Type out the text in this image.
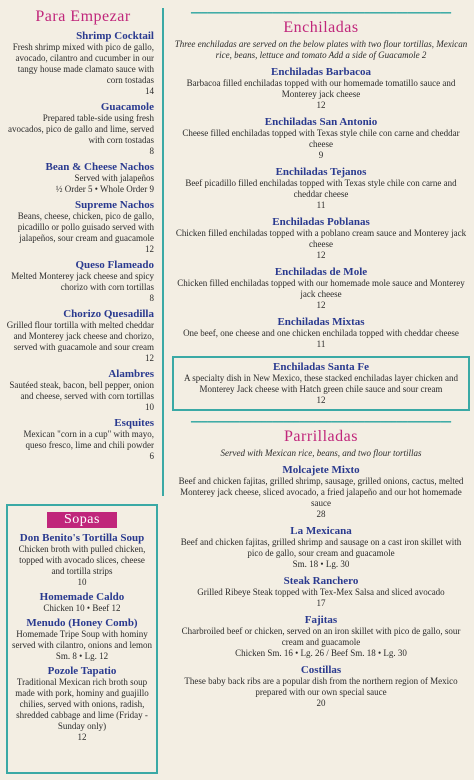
Para Empezar
Shrimp Cocktail
Fresh shrimp mixed with pico de gallo, avocado, cilantro and cucumber in our tangy house made clamato sauce with corn tostadas
14
Guacamole
Prepared table-side using fresh avocados, pico de gallo and lime, served with corn tostadas
8
Bean & Cheese Nachos
Served with jalapeños
½ Order 5 • Whole Order 9
Supreme Nachos
Beans, cheese, chicken, pico de gallo, picadillo or pollo guisado served with jalapeños, sour cream and guacamole
12
Queso Flameado
Melted Monterey jack cheese and spicy chorizo with corn tortillas
8
Chorizo Quesadilla
Grilled flour tortilla with melted cheddar and Monterey jack cheese and chorizo, served with guacamole and sour cream
12
Alambres
Sautéed steak, bacon, bell pepper, onion and cheese, served with corn tortillas
10
Esquites
Mexican "corn in a cup" with mayo, queso fresco, lime and chili powder
6
Sopas
Don Benito's Tortilla Soup
Chicken broth with pulled chicken, topped with avocado slices, cheese and tortilla strips
10
Homemade Caldo
Chicken 10 • Beef 12
Menudo (Honey Comb)
Homemade Tripe Soup with hominy served with cilantro, onions and lemon
Sm. 8 • Lg. 12
Pozole Tapatio
Traditional Mexican rich broth soup made with pork, hominy and guajillo chilies, served with onions, radish, shredded cabbage and lime (Friday - Sunday only)
12
━━━━━━━━━━━━━━━━━━━━━━━━━━━━━━━━━━━━━━━━━━━━━━━━
Enchiladas
Three enchiladas are served on the below plates with two flour tortillas, Mexican rice, beans, lettuce and tomato Add a side of Guacamole 2
Enchiladas Barbacoa
Barbacoa filled enchiladas topped with our homemade tomatillo sauce and Monterey jack cheese
12
Enchiladas San Antonio
Cheese filled enchiladas topped with Texas style chile con carne and cheddar cheese
9
Enchiladas Tejanos
Beef picadillo filled enchiladas topped with Texas style chile con carne and cheddar cheese
11
Enchiladas Poblanas
Chicken filled enchiladas topped with a poblano cream sauce and Monterey jack cheese
12
Enchiladas de Mole
Chicken filled enchiladas topped with our homemade mole sauce and Monterey jack cheese
12
Enchiladas Mixtas
One beef, one cheese and one chicken enchilada topped with cheddar cheese
11
Enchiladas Santa Fe
A specialty dish in New Mexico, these stacked enchiladas layer chicken and Monterey Jack cheese with Hatch green chile sauce and sour cream
12
━━━━━━━━━━━━━━━━━━━━━━━━━━━━━━━━━━━━━━━━━━━━━━━━
Parrilladas
Served with Mexican rice, beans, and two flour tortillas
Molcajete Mixto
Beef and chicken fajitas, grilled shrimp, sausage, grilled onions, cactus, melted Monterey jack cheese, sliced avocado, a fried jalapeño and our hot homemade sauce
28
La Mexicana
Beef and chicken fajitas, grilled shrimp and sausage on a cast iron skillet with pico de gallo, sour cream and guacamole
Sm. 18 • Lg. 30
Steak Ranchero
Grilled Ribeye Steak topped with Tex-Mex Salsa and sliced avocado
17
Fajitas
Charbroiled beef or chicken, served on an iron skillet with pico de gallo, sour cream and guacamole
Chicken Sm. 16 • Lg. 26 / Beef Sm. 18 • Lg. 30
Costillas
These baby back ribs are a popular dish from the northern region of Mexico prepared with our own special sauce
20
